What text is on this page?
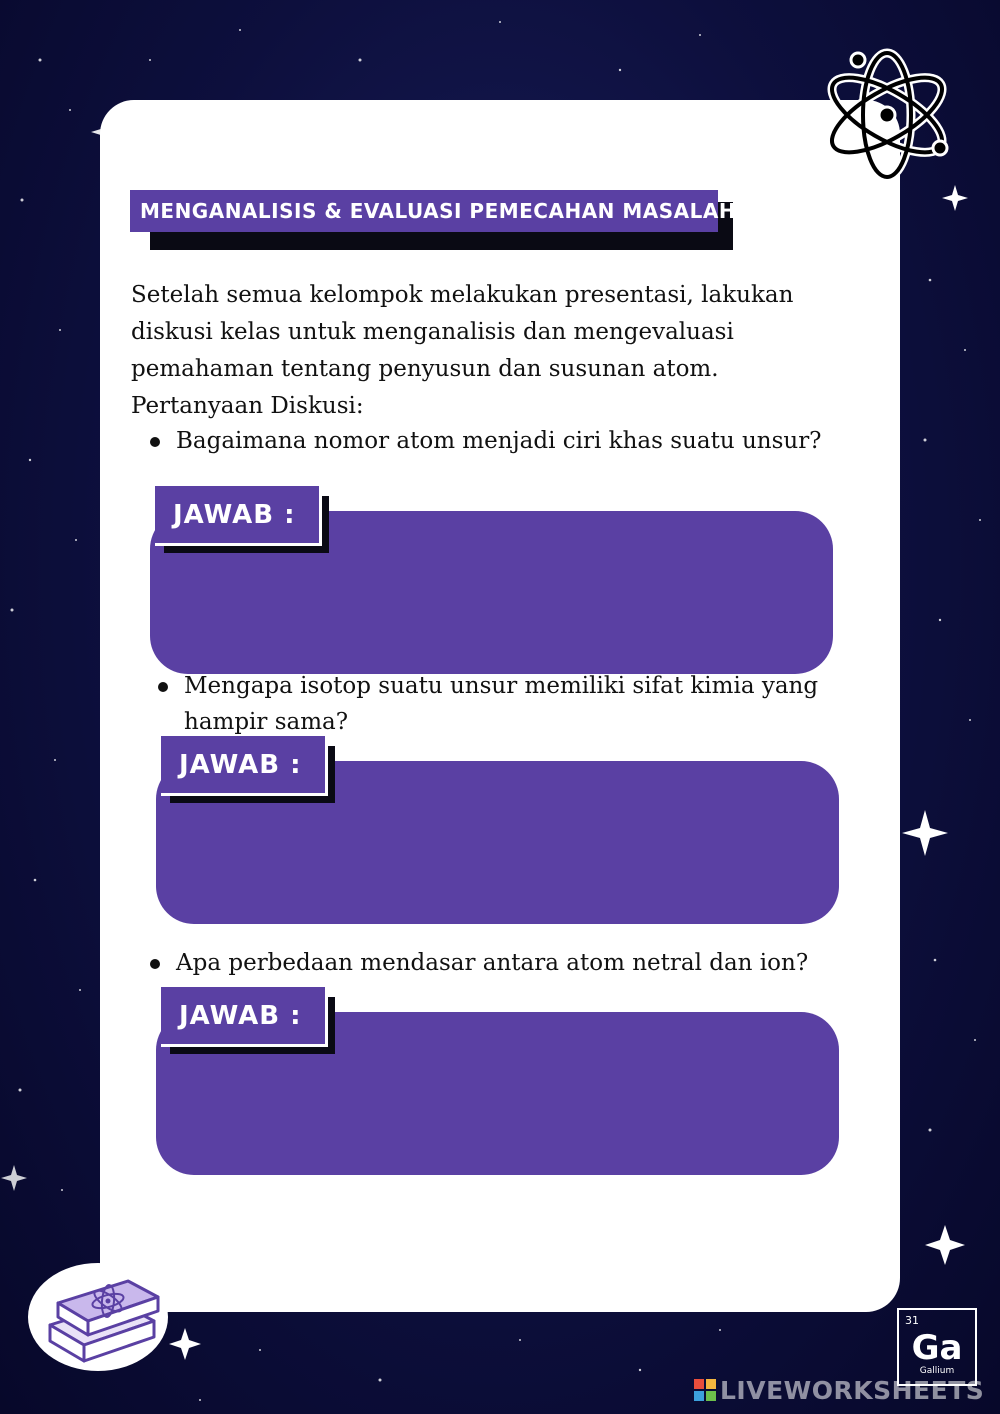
MENGANALISIS & EVALUASI PEMECAHAN MASALAH
Setelah semua kelompok melakukan presentasi, lakukan
diskusi kelas untuk menganalisis dan mengevaluasi
pemahaman tentang penyusun dan susunan atom.
Pertanyaan Diskusi:
Bagaimana nomor atom menjadi ciri khas suatu unsur?
JAWAB :
Mengapa isotop suatu unsur memiliki sifat kimia yang
hampir sama?
JAWAB :
Apa perbedaan mendasar antara atom netral dan ion?
JAWAB :
31
Ga
Gallium
LIVEWORKSHEETS
